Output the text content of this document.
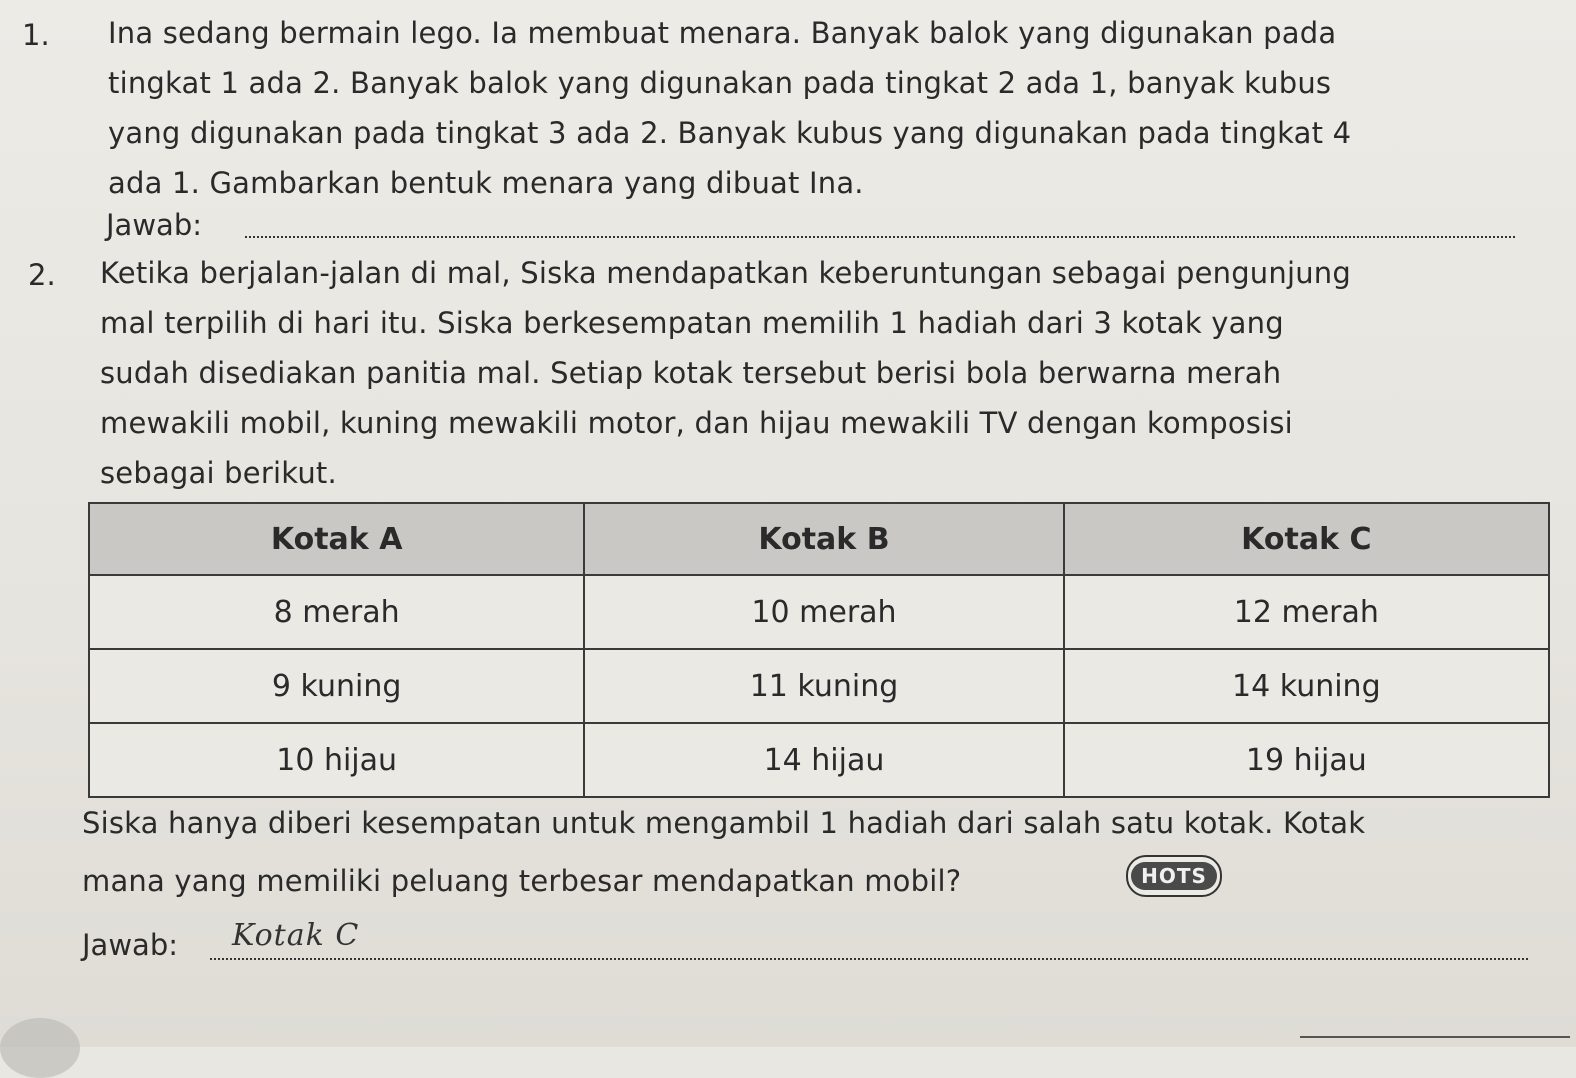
1. Ina sedang bermain lego. Ia membuat menara. Banyak balok yang digunakan pada
tingkat 1 ada 2. Banyak balok yang digunakan pada tingkat 2 ada 1, banyak kubus
yang digunakan pada tingkat 3 ada 2. Banyak kubus yang digunakan pada tingkat 4
ada 1. Gambarkan bentuk menara yang dibuat Ina.
Jawab:
2. Ketika berjalan-jalan di mal, Siska mendapatkan keberuntungan sebagai pengunjung
mal terpilih di hari itu. Siska berkesempatan memilih 1 hadiah dari 3 kotak yang
sudah disediakan panitia mal. Setiap kotak tersebut berisi bola berwarna merah
mewakili mobil, kuning mewakili motor, dan hijau mewakili TV dengan komposisi
sebagai berikut.
Kotak A	Kotak B	Kotak C
8 merah	10 merah	12 merah
9 kuning	11 kuning	14 kuning
10 hijau	14 hijau	19 hijau
Siska hanya diberi kesempatan untuk mengambil 1 hadiah dari salah satu kotak. Kotak
mana yang memiliki peluang terbesar mendapatkan mobil?	HOTS
Jawab: Kotak C
